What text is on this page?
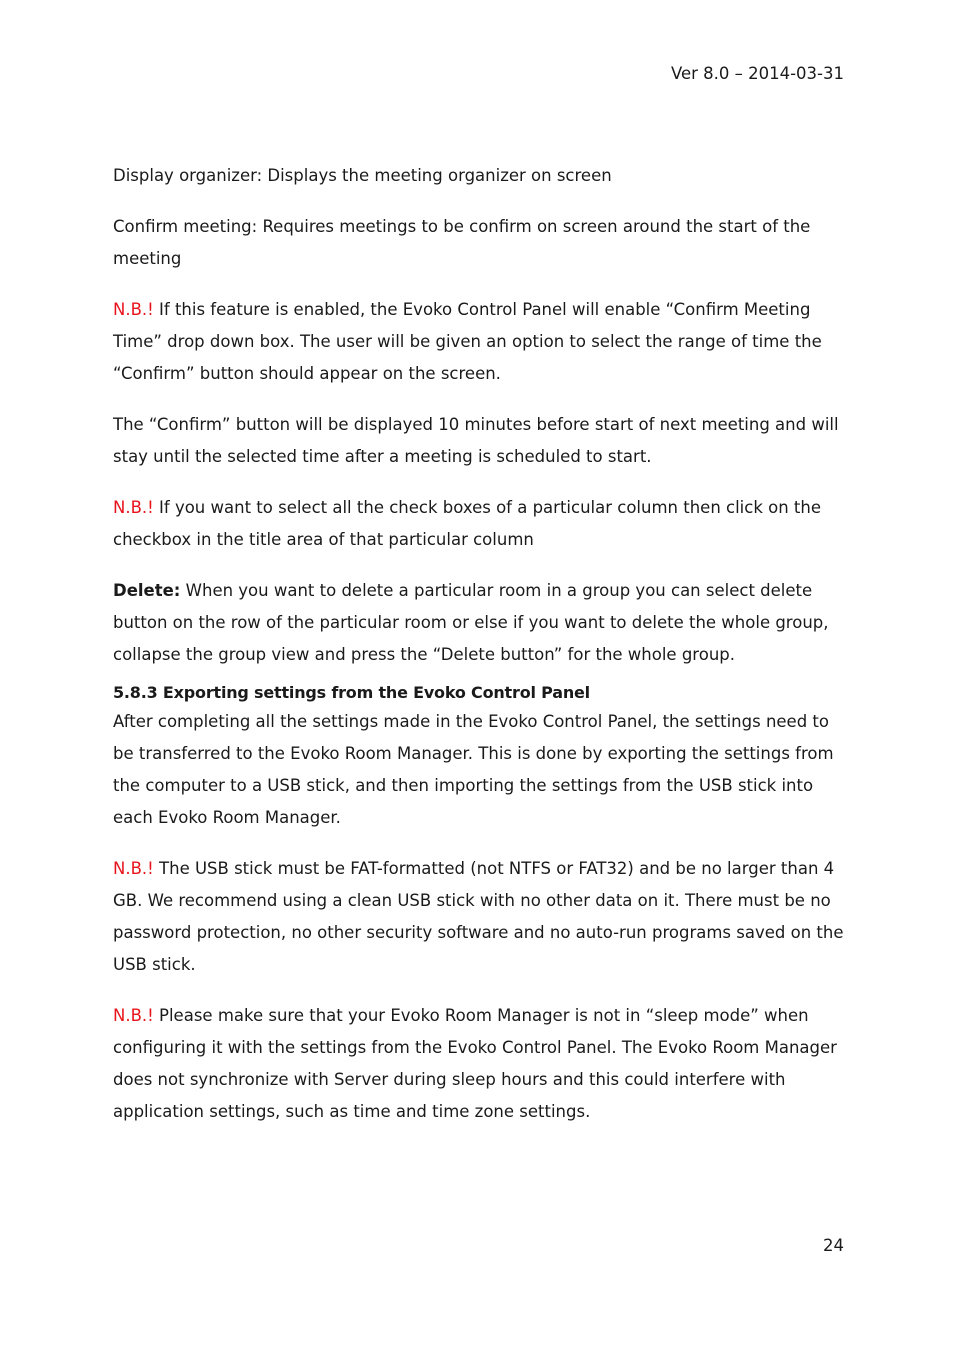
Ver 8.0 – 2014-03-31

Display organizer: Displays the meeting organizer on screen

Confirm meeting: Requires meetings to be confirm on screen around the start of the meeting

N.B.! If this feature is enabled, the Evoko Control Panel will enable “Confirm Meeting Time” drop down box. The user will be given an option to select the range of time the “Confirm” button should appear on the screen.

The “Confirm” button will be displayed 10 minutes before start of next meeting and will stay until the selected time after a meeting is scheduled to start.

N.B.! If you want to select all the check boxes of a particular column then click on the checkbox in the title area of that particular column

Delete: When you want to delete a particular room in a group you can select delete button on the row of the particular room or else if you want to delete the whole group, collapse the group view and press the “Delete button” for the whole group.

5.8.3 Exporting settings from the Evoko Control Panel

After completing all the settings made in the Evoko Control Panel, the settings need to be transferred to the Evoko Room Manager. This is done by exporting the settings from the computer to a USB stick, and then importing the settings from the USB stick into each Evoko Room Manager.

N.B.! The USB stick must be FAT-formatted (not NTFS or FAT32) and be no larger than 4 GB. We recommend using a clean USB stick with no other data on it. There must be no password protection, no other security software and no auto-run programs saved on the USB stick.

N.B.! Please make sure that your Evoko Room Manager is not in “sleep mode” when configuring it with the settings from the Evoko Control Panel. The Evoko Room Manager does not synchronize with Server during sleep hours and this could interfere with application settings, such as time and time zone settings.

24
